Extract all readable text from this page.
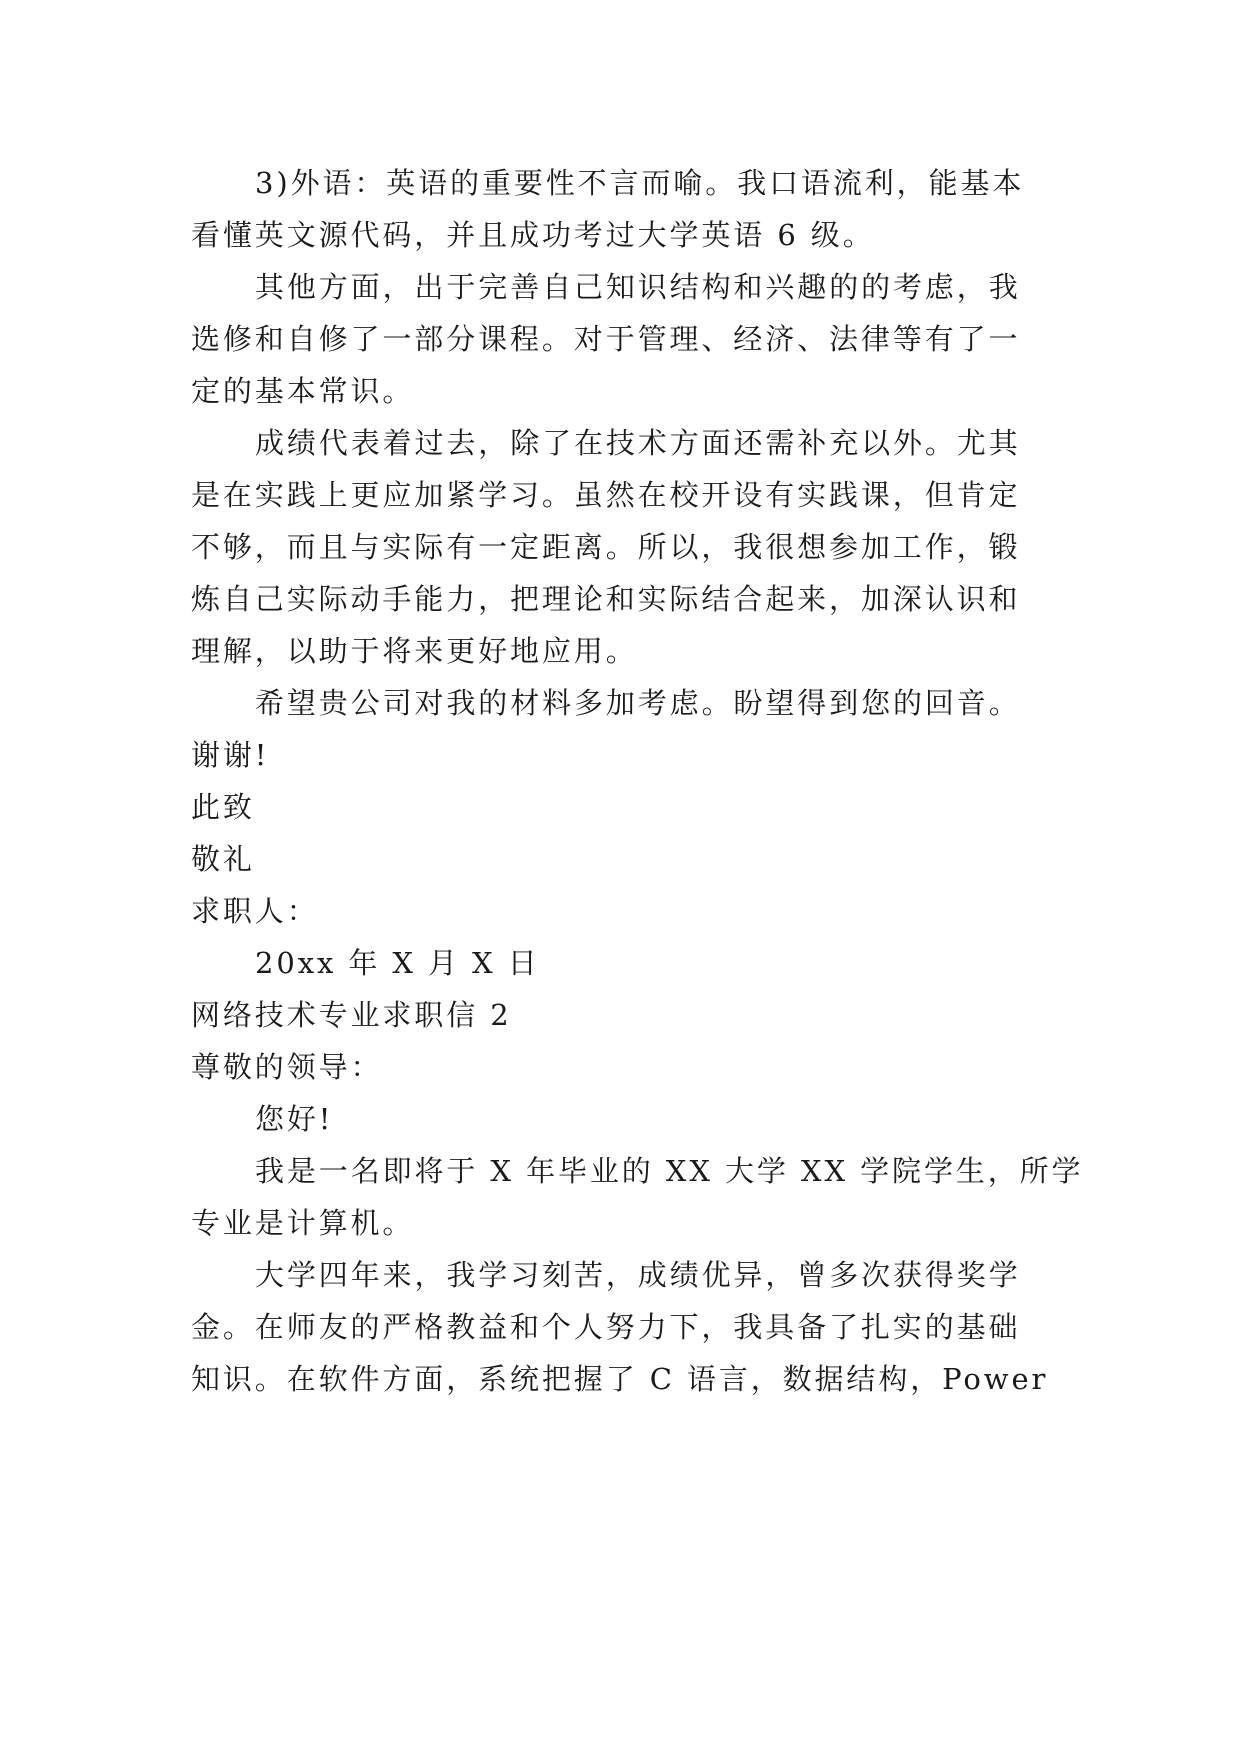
3)外语：英语的重要性不言而喻。我口语流利，能基本
看懂英文源代码，并且成功考过大学英语 6 级。
其他方面，出于完善自己知识结构和兴趣的的考虑，我
选修和自修了一部分课程。对于管理、经济、法律等有了一
定的基本常识。
成绩代表着过去，除了在技术方面还需补充以外。尤其
是在实践上更应加紧学习。虽然在校开设有实践课，但肯定
不够，而且与实际有一定距离。所以，我很想参加工作，锻
炼自己实际动手能力，把理论和实际结合起来，加深认识和
理解，以助于将来更好地应用。
希望贵公司对我的材料多加考虑。盼望得到您的回音。
谢谢!
此致
敬礼
求职人：
20xx 年 X 月 X 日
网络技术专业求职信 2
尊敬的领导：
您好!
我是一名即将于 X 年毕业的 XX 大学 XX 学院学生，所学
专业是计算机。
大学四年来，我学习刻苦，成绩优异，曾多次获得奖学
金。在师友的严格教益和个人努力下，我具备了扎实的基础
知识。在软件方面，系统把握了 C 语言，数据结构，Power
